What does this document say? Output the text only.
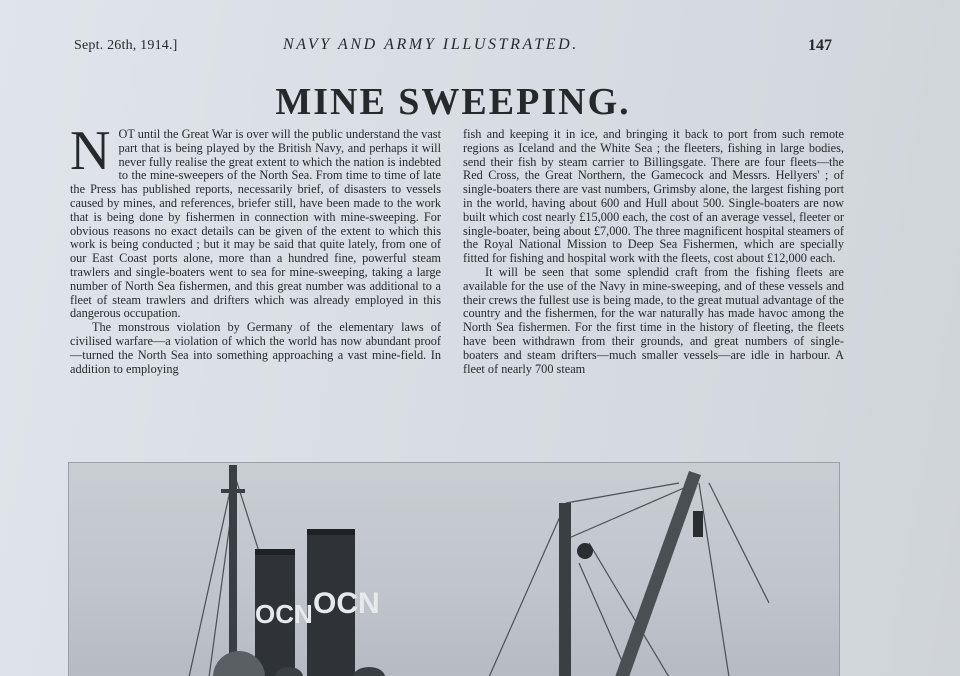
Sept. 26th, 1914.]	NAVY AND ARMY ILLUSTRATED.	147
MINE SWEEPING.
N OT until the Great War is over will the public understand the vast part that is being played by the British Navy, and perhaps it will never fully realise the great extent to which the nation is indebted to the mine-sweepers of the North Sea. From time to time of late the Press has published reports, necessarily brief, of disasters to vessels caused by mines, and references, briefer still, have been made to the work that is being done by fishermen in connection with mine-sweeping. For obvious reasons no exact details can be given of the extent to which this work is being conducted ; but it may be said that quite lately, from one of our East Coast ports alone, more than a hundred fine, powerful steam trawlers and single-boaters went to sea for mine-sweeping, taking a large number of North Sea fishermen, and this great number was additional to a fleet of steam trawlers and drifters which was already employed in this dangerous occupation.

The monstrous violation by Germany of the elementary laws of civilised warfare—a violation of which the world has now abundant proof—turned the North Sea into something approaching a vast mine-field. In addition to employing

fish and keeping it in ice, and bringing it back to port from such remote regions as Iceland and the White Sea ; the fleeters, fishing in large bodies, send their fish by steam carrier to Billingsgate. There are four fleets—the Red Cross, the Great Northern, the Gamecock and Messrs. Hellyers' ; of single-boaters there are vast numbers, Grimsby alone, the largest fishing port in the world, having about 600 and Hull about 500. Single-boaters are now built which cost nearly £15,000 each, the cost of an average vessel, fleeter or single-boater, being about £7,000. The three magnificent hospital steamers of the Royal National Mission to Deep Sea Fishermen, which are specially fitted for fishing and hospital work with the fleets, cost about £12,000 each.

It will be seen that some splendid craft from the fishing fleets are available for the use of the Navy in mine-sweeping, and of these vessels and their crews the fullest use is being made, to the great mutual advantage of the country and the fishermen, for the war naturally has made havoc among the North Sea fishermen. For the first time in the history of fleeting, the fleets have been withdrawn from their grounds, and great numbers of single-boaters and steam drifters—much smaller vessels—are idle in harbour. A fleet of nearly 700 steam

OCN OCN
